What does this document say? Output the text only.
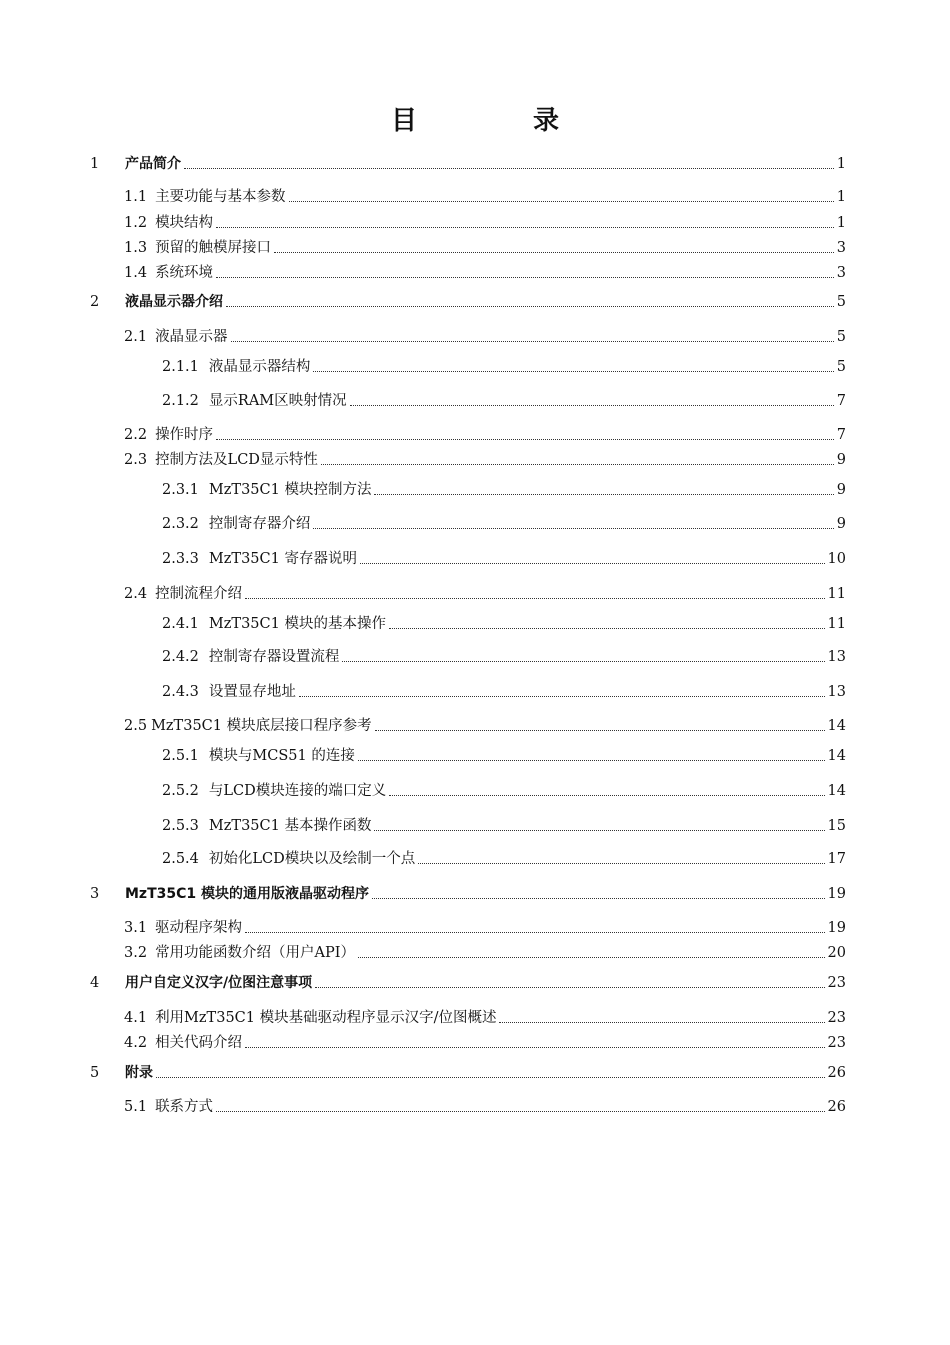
目　录
1	产品简介	1
1.1 主要功能与基本参数	1
1.2 模块结构	1
1.3 预留的触模屏接口	3
1.4 系统环境	3
2	液晶显示器介绍	5
2.1 液晶显示器	5
2.1.1 液晶显示器结构	5
2.1.2 显示RAM区映射情况	7
2.2 操作时序	7
2.3 控制方法及LCD显示特性	9
2.3.1 MzT35C1 模块控制方法	9
2.3.2 控制寄存器介绍	9
2.3.3 MzT35C1 寄存器说明	10
2.4 控制流程介绍	11
2.4.1 MzT35C1 模块的基本操作	11
2.4.2 控制寄存器设置流程	13
2.4.3 设置显存地址	13
2.5 MzT35C1 模块底层接口程序参考	14
2.5.1 模块与MCS51 的连接	14
2.5.2 与LCD模块连接的端口定义	14
2.5.3 MzT35C1 基本操作函数	15
2.5.4 初始化LCD模块以及绘制一个点	17
3	MzT35C1 模块的通用版液晶驱动程序	19
3.1 驱动程序架构	19
3.2 常用功能函数介绍（用户API）	20
4	用户自定义汉字/位图注意事项	23
4.1 利用MzT35C1 模块基础驱动程序显示汉字/位图概述	23
4.2 相关代码介绍	23
5	附录	26
5.1 联系方式	26
